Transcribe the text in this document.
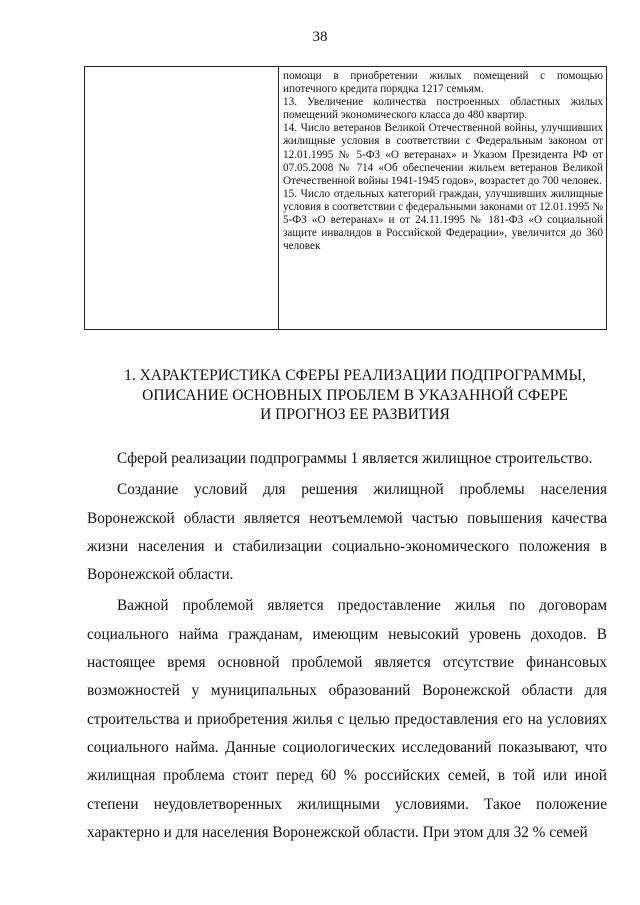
38

помощи в приобретении жилых помещений с помощью ипотечного кредита порядка 1217 семьям.

13. Увеличение количества построенных областных жилых помещений экономического класса до 480 квартир.

14. Число ветеранов Великой Отечественной войны, улучшивших жилищные условия в соответствии с Федеральным законом от 12.01.1995 № 5-ФЗ «О ветеранах» и Указом Президента РФ от 07.05.2008 № 714 «Об обеспечении жильем ветеранов Великой Отечественной войны 1941-1945 годов», возрастет до 700 человек.

15. Число отдельных категорий граждан, улучшивших жилищные условия в соответствии с федеральными законами от 12.01.1995 № 5-ФЗ «О ветеранах» и от 24.11.1995 № 181-ФЗ «О социальной защите инвалидов в Российской Федерации», увеличится до 360 человек

1. ХАРАКТЕРИСТИКА СФЕРЫ РЕАЛИЗАЦИИ ПОДПРОГРАММЫ,
ОПИСАНИЕ ОСНОВНЫХ ПРОБЛЕМ В УКАЗАННОЙ СФЕРЕ
И ПРОГНОЗ ЕЕ РАЗВИТИЯ

Сферой реализации подпрограммы 1 является жилищное строительство.

Создание условий для решения жилищной проблемы населения Воронежской области является неотъемлемой частью повышения качества жизни населения и стабилизации социально-экономического положения в Воронежской области.

Важной проблемой является предоставление жилья по договорам социального найма гражданам, имеющим невысокий уровень доходов. В настоящее время основной проблемой является отсутствие финансовых возможностей у муниципальных образований Воронежской области для строительства и приобретения жилья с целью предоставления его на условиях социального найма. Данные социологических исследований показывают, что жилищная проблема стоит перед 60 % российских семей, в той или иной степени неудовлетворенных жилищными условиями. Такое положение характерно и для населения Воронежской области. При этом для 32 % семей
